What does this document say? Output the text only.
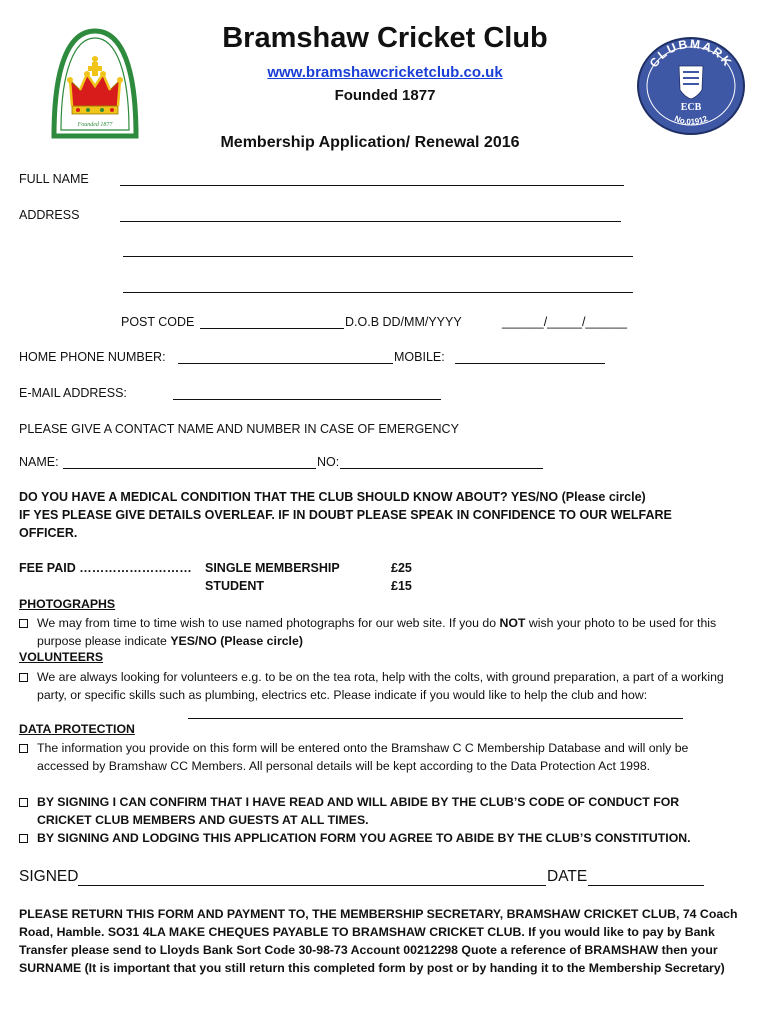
Founded 1877
CLUBMARK
No.01912
ECB
Bramshaw Cricket Club
www.bramshawcricketclub.co.uk
Founded 1877
Membership Application/ Renewal 2016
FULL NAME
ADDRESS
POST CODE	D.O.B DD/MM/YYYY	______/_____/______
HOME PHONE NUMBER:	MOBILE:
E-MAIL ADDRESS:
PLEASE GIVE A CONTACT NAME AND NUMBER IN CASE OF EMERGENCY
NAME:	NO:
DO YOU HAVE A MEDICAL CONDITION THAT THE CLUB SHOULD KNOW ABOUT? YES/NO (Please circle)
IF YES PLEASE GIVE DETAILS OVERLEAF. IF IN DOUBT PLEASE SPEAK IN CONFIDENCE TO OUR WELFARE
OFFICER.
FEE PAID ……………………… SINGLE MEMBERSHIP	£25
STUDENT	£15
PHOTOGRAPHS
We may from time to time wish to use named photographs for our web site. If you do NOT wish your photo to be used for this purpose please indicate YES/NO (Please circle)
VOLUNTEERS
We are always looking for volunteers e.g. to be on the tea rota, help with the colts, with ground preparation, a part of a working party, or specific skills such as plumbing, electrics etc. Please indicate if you would like to help the club and how:
DATA PROTECTION
The information you provide on this form will be entered onto the Bramshaw C C Membership Database and will only be accessed by Bramshaw CC Members. All personal details will be kept according to the Data Protection Act 1998.
BY SIGNING I CAN CONFIRM THAT I HAVE READ AND WILL ABIDE BY THE CLUB’S CODE OF CONDUCT FOR CRICKET CLUB MEMBERS AND GUESTS AT ALL TIMES.
BY SIGNING AND LODGING THIS APPLICATION FORM YOU AGREE TO ABIDE BY THE CLUB’S CONSTITUTION.
SIGNED	DATE
PLEASE RETURN THIS FORM AND PAYMENT TO, THE MEMBERSHIP SECRETARY, BRAMSHAW CRICKET CLUB, 74 Coach Road, Hamble. SO31 4LA MAKE CHEQUES PAYABLE TO BRAMSHAW CRICKET CLUB. If you would like to pay by Bank Transfer please send to Lloyds Bank Sort Code 30-98-73 Account 00212298 Quote a reference of BRAMSHAW then your SURNAME (It is important that you still return this completed form by post or by handing it to the Membership Secretary)
